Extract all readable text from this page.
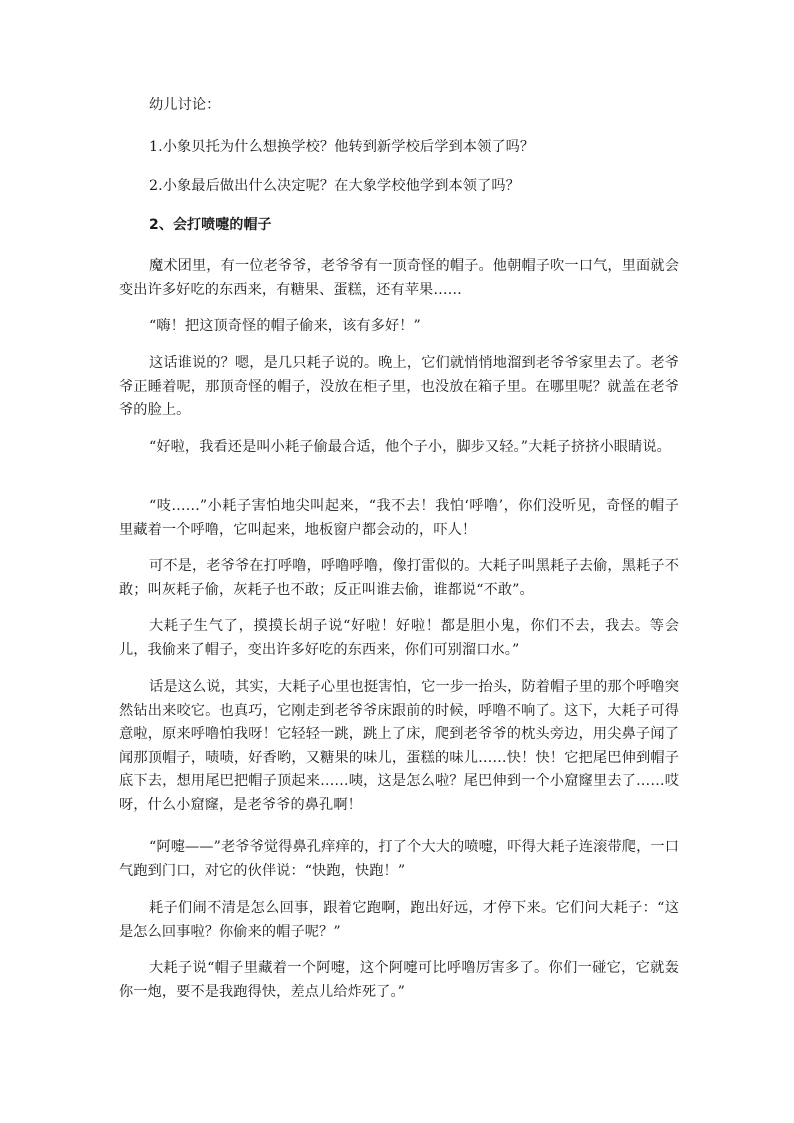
幼儿讨论：

1.小象贝托为什么想换学校？他转到新学校后学到本领了吗？

2.小象最后做出什么决定呢？在大象学校他学到本领了吗？

2、会打喷嚏的帽子

魔术团里，有一位老爷爷，老爷爷有一顶奇怪的帽子。他朝帽子吹一口气，里面就会变出许多好吃的东西来，有糖果、蛋糕，还有苹果……

“嗨！把这顶奇怪的帽子偷来，该有多好！”

这话谁说的？嗯，是几只耗子说的。晚上，它们就悄悄地溜到老爷爷家里去了。老爷爷正睡着呢，那顶奇怪的帽子，没放在柜子里，也没放在箱子里。在哪里呢？就盖在老爷爷的脸上。

“好啦，我看还是叫小耗子偷最合适，他个子小，脚步又轻。”大耗子挤挤小眼睛说。

“吱……”小耗子害怕地尖叫起来，“我不去！我怕‘呼噜’，你们没听见，奇怪的帽子里藏着一个呼噜，它叫起来，地板窗户都会动的，吓人！

可不是，老爷爷在打呼噜，呼噜呼噜，像打雷似的。大耗子叫黑耗子去偷，黑耗子不敢；叫灰耗子偷，灰耗子也不敢；反正叫谁去偷，谁都说“不敢”。

大耗子生气了，摸摸长胡子说“好啦！好啦！都是胆小鬼，你们不去，我去。等会儿，我偷来了帽子，变出许多好吃的东西来，你们可别溜口水。”

话是这么说，其实，大耗子心里也挺害怕，它一步一抬头，防着帽子里的那个呼噜突然钻出来咬它。也真巧，它刚走到老爷爷床跟前的时候，呼噜不响了。这下，大耗子可得意啦，原来呼噜怕我呀！它轻轻一跳，跳上了床，爬到老爷爷的枕头旁边，用尖鼻子闻了闻那顶帽子，啧啧，好香哟，又糖果的味儿，蛋糕的味儿……快！快！它把尾巴伸到帽子底下去，想用尾巴把帽子顶起来……咦，这是怎么啦？尾巴伸到一个小窟窿里去了……哎呀，什么小窟窿，是老爷爷的鼻孔啊！

“阿嚏——”老爷爷觉得鼻孔痒痒的，打了个大大的喷嚏，吓得大耗子连滚带爬，一口气跑到门口，对它的伙伴说：“快跑，快跑！”

耗子们闹不清是怎么回事，跟着它跑啊，跑出好远，才停下来。它们问大耗子：“这是怎么回事啦？你偷来的帽子呢？”

大耗子说“帽子里藏着一个阿嚏，这个阿嚏可比呼噜厉害多了。你们一碰它，它就轰你一炮，要不是我跑得快，差点儿给炸死了。”
